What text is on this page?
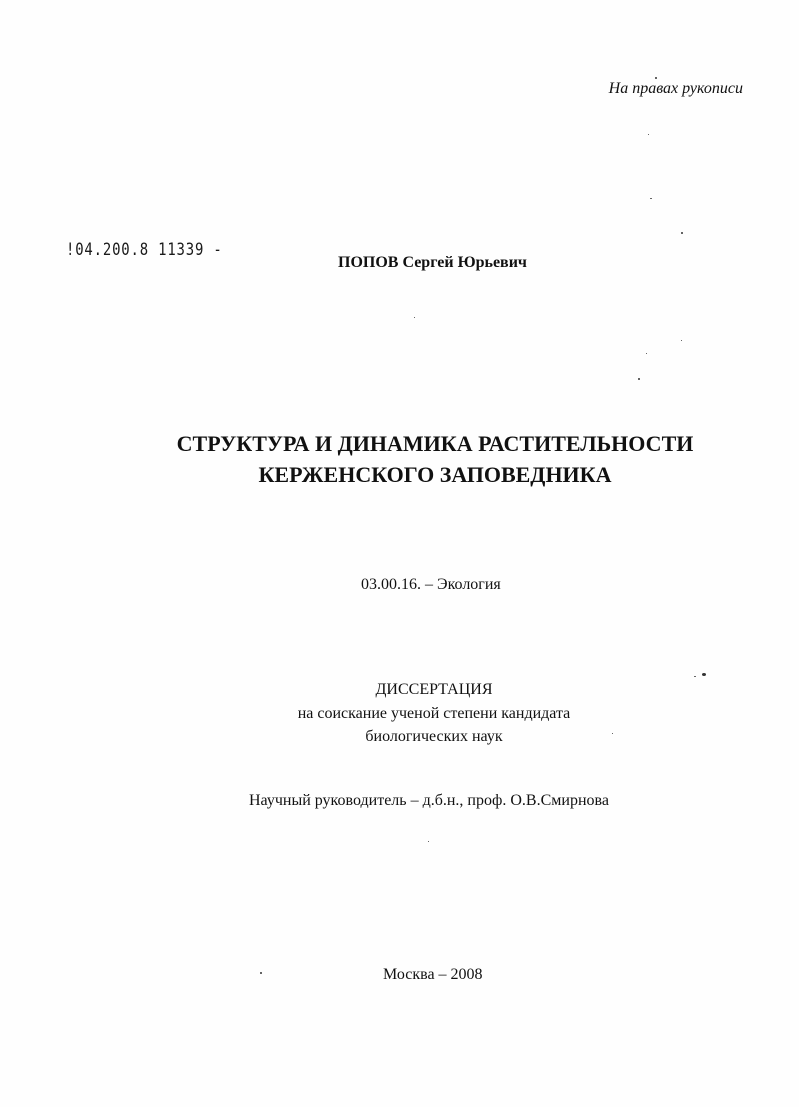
На правах рукописи
!04.200.8 11339 -
ПОПОВ Сергей Юрьевич
СТРУКТУРА И ДИНАМИКА РАСТИТЕЛЬНОСТИ
КЕРЖЕНСКОГО ЗАПОВЕДНИКА
03.00.16. – Экология
ДИССЕРТАЦИЯ
на соискание ученой степени кандидата
биологических наук
Научный руководитель – д.б.н., проф. О.В.Смирнова
Москва – 2008
